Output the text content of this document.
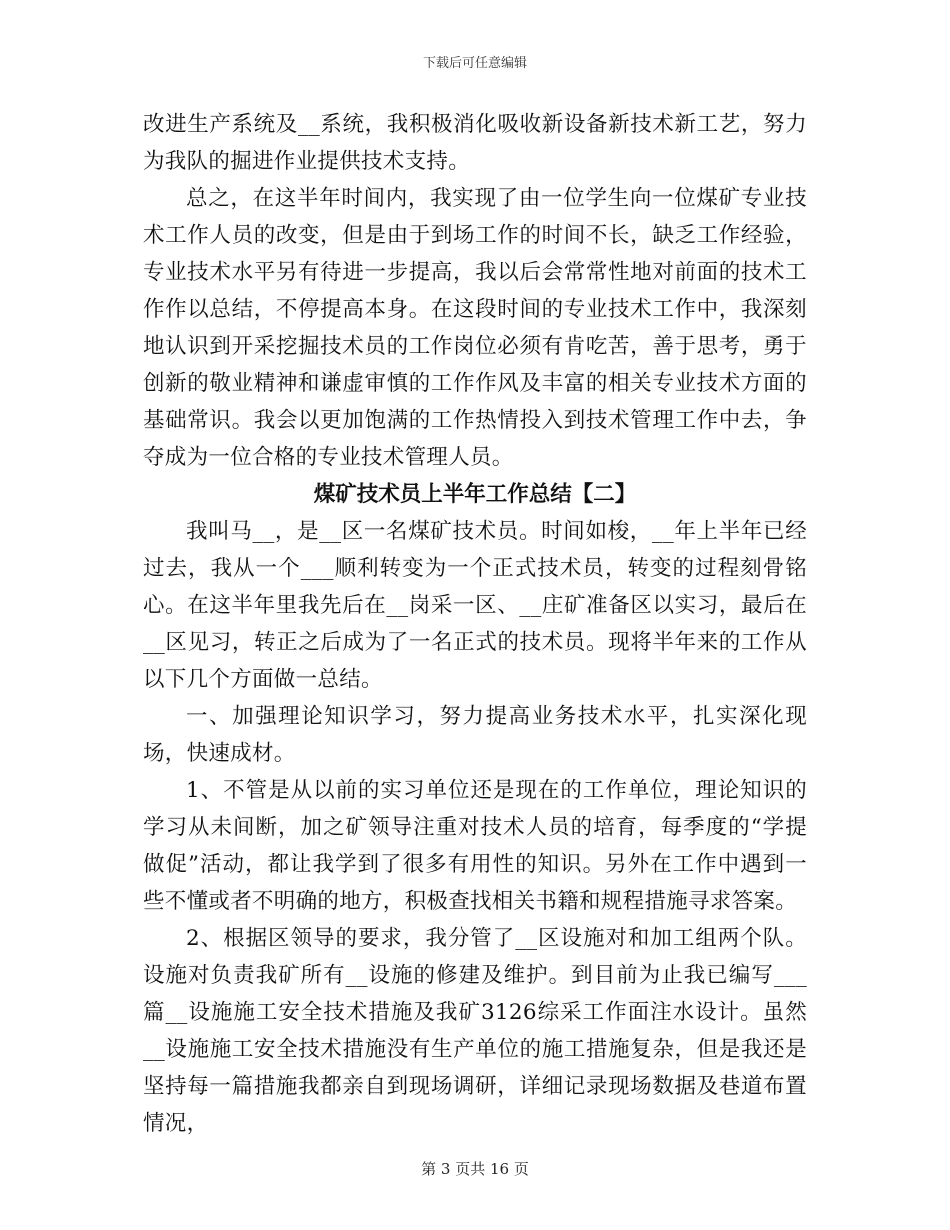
下载后可任意编辑

改进生产系统及__系统，我积极消化吸收新设备新技术新工艺，努力为我队的掘进作业提供技术支持。

总之，在这半年时间内，我实现了由一位学生向一位煤矿专业技术工作人员的改变，但是由于到场工作的时间不长，缺乏工作经验，专业技术水平另有待进一步提高，我以后会常常性地对前面的技术工作作以总结，不停提高本身。在这段时间的专业技术工作中，我深刻地认识到开采挖掘技术员的工作岗位必须有肯吃苦，善于思考，勇于创新的敬业精神和谦虚审慎的工作作风及丰富的相关专业技术方面的基础常识。我会以更加饱满的工作热情投入到技术管理工作中去，争夺成为一位合格的专业技术管理人员。

煤矿技术员上半年工作总结【二】

我叫马__，是__区一名煤矿技术员。时间如梭，__年上半年已经过去，我从一个___顺利转变为一个正式技术员，转变的过程刻骨铭心。在这半年里我先后在__岗采一区、__庄矿准备区以实习，最后在__区见习，转正之后成为了一名正式的技术员。现将半年来的工作从以下几个方面做一总结。

一、加强理论知识学习，努力提高业务技术水平，扎实深化现场，快速成材。

1、不管是从以前的实习单位还是现在的工作单位，理论知识的学习从未间断，加之矿领导注重对技术人员的培育，每季度的“学提做促”活动，都让我学到了很多有用性的知识。另外在工作中遇到一些不懂或者不明确的地方，积极查找相关书籍和规程措施寻求答案。

2、根据区领导的要求，我分管了__区设施对和加工组两个队。设施对负责我矿所有__设施的修建及维护。到目前为止我已编写___篇__设施施工安全技术措施及我矿3126综采工作面注水设计。虽然__设施施工安全技术措施没有生产单位的施工措施复杂，但是我还是坚持每一篇措施我都亲自到现场调研，详细记录现场数据及巷道布置情况，

第 3 页共 16 页
